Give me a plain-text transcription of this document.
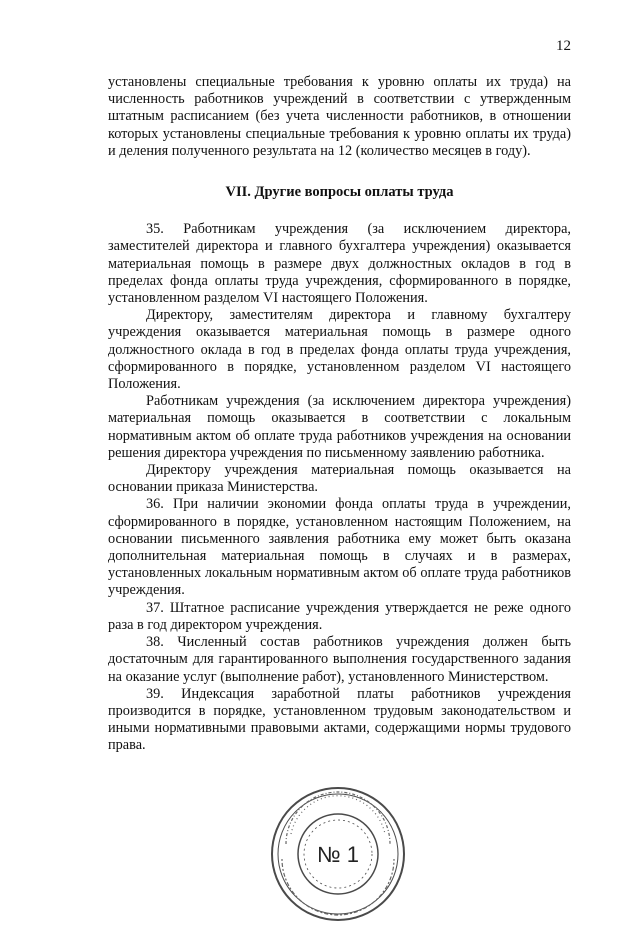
12

установлены специальные требования к уровню оплаты их труда) на численность работников учреждений в соответствии с утвержденным штатным расписанием (без учета численности работников, в отношении которых установлены специальные требования к уровню оплаты их труда) и деления полученного результата на 12 (количество месяцев в году).

VII. Другие вопросы оплаты труда

35. Работникам учреждения (за исключением директора, заместителей директора и главного бухгалтера учреждения) оказывается материальная помощь в размере двух должностных окладов в год в пределах фонда оплаты труда учреждения, сформированного в порядке, установленном разделом VI настоящего Положения.

Директору, заместителям директора и главному бухгалтеру учреждения оказывается материальная помощь в размере одного должностного оклада в год в пределах фонда оплаты труда учреждения, сформированного в порядке, установленном разделом VI настоящего Положения.

Работникам учреждения (за исключением директора учреждения) материальная помощь оказывается в соответствии с локальным нормативным актом об оплате труда работников учреждения на основании решения директора учреждения по письменному заявлению работника.

Директору учреждения материальная помощь оказывается на основании приказа Министерства.

36. При наличии экономии фонда оплаты труда в учреждении, сформированного в порядке, установленном настоящим Положением, на основании письменного заявления работника ему может быть оказана дополнительная материальная помощь в случаях и в размерах, установленных локальным нормативным актом об оплате труда работников учреждения.

37. Штатное расписание учреждения утверждается не реже одного раза в год директором учреждения.

38. Численный состав работников учреждения должен быть достаточным для гарантированного выполнения государственного задания на оказание услуг (выполнение работ), установленного Министерством.

39. Индексация заработной платы работников учреждения производится в порядке, установленном трудовым законодательством и иными нормативными правовыми актами, содержащими нормы трудового права.

№ 1
